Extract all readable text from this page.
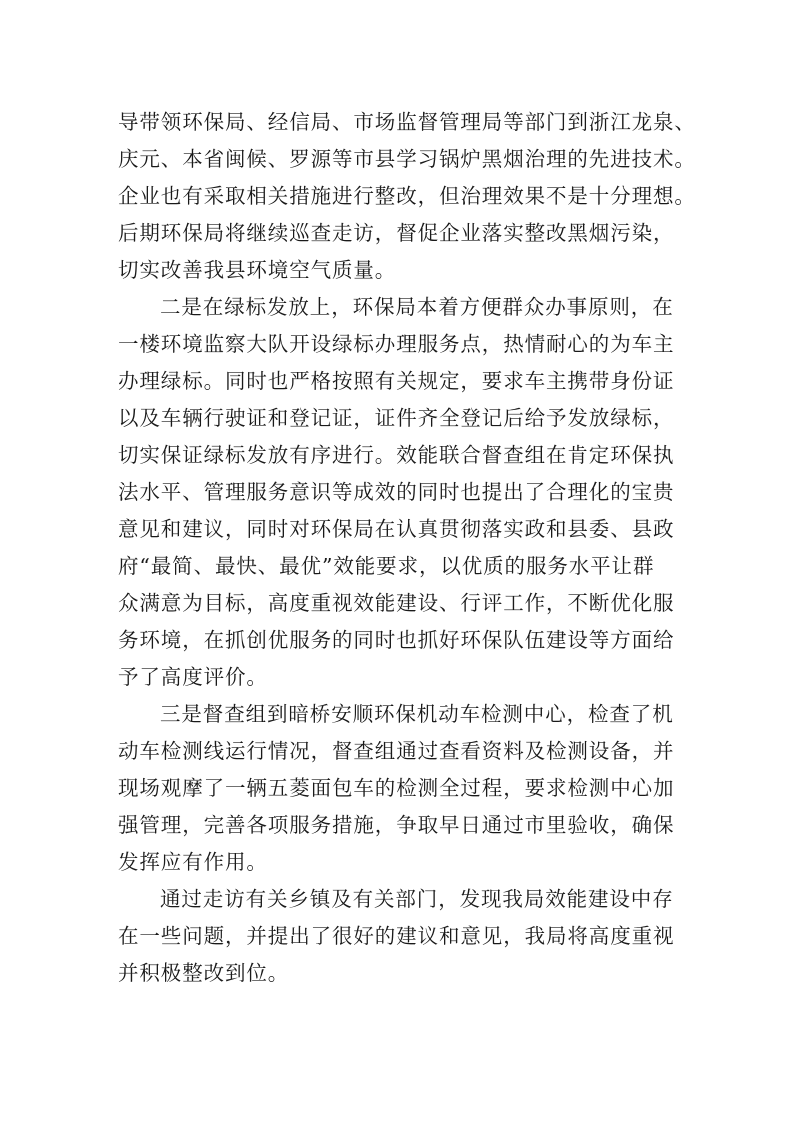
导带领环保局、经信局、市场监督管理局等部门到浙江龙泉、
庆元、本省闽候、罗源等市县学习锅炉黑烟治理的先进技术。
企业也有采取相关措施进行整改，但治理效果不是十分理想。
后期环保局将继续巡查走访，督促企业落实整改黑烟污染，
切实改善我县环境空气质量。
二是在绿标发放上，环保局本着方便群众办事原则，在
一楼环境监察大队开设绿标办理服务点，热情耐心的为车主
办理绿标。同时也严格按照有关规定，要求车主携带身份证
以及车辆行驶证和登记证，证件齐全登记后给予发放绿标，
切实保证绿标发放有序进行。效能联合督查组在肯定环保执
法水平、管理服务意识等成效的同时也提出了合理化的宝贵
意见和建议，同时对环保局在认真贯彻落实政和县委、县政
府“最简、最快、最优”效能要求，以优质的服务水平让群
众满意为目标，高度重视效能建设、行评工作，不断优化服
务环境，在抓创优服务的同时也抓好环保队伍建设等方面给
予了高度评价。
三是督查组到暗桥安顺环保机动车检测中心，检查了机
动车检测线运行情况，督查组通过查看资料及检测设备，并
现场观摩了一辆五菱面包车的检测全过程，要求检测中心加
强管理，完善各项服务措施，争取早日通过市里验收，确保
发挥应有作用。
通过走访有关乡镇及有关部门，发现我局效能建设中存
在一些问题，并提出了很好的建议和意见，我局将高度重视
并积极整改到位。
